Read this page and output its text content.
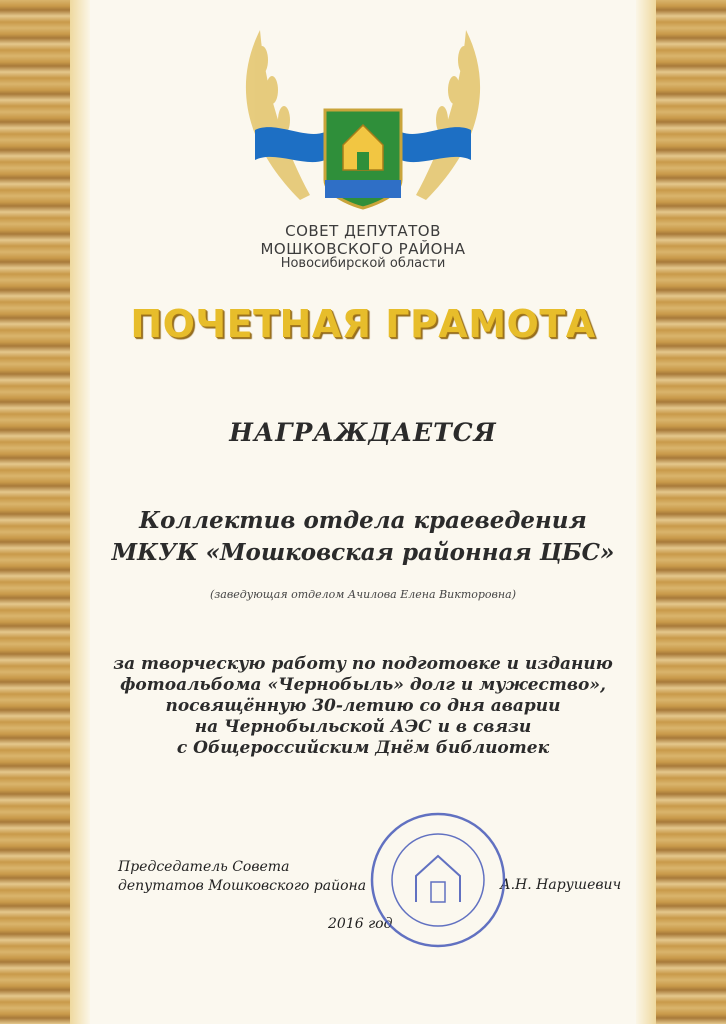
СОВЕТ ДЕПУТАТОВ
МОШКОВСКОГО РАЙОНА
Новосибирской области
ПОЧЕТНАЯ ГРАМОТА
НАГРАЖДАЕТСЯ
Коллектив отдела краеведения
МКУК «Мошковская районная ЦБС»
(заведующая отделом Ачилова Елена Викторовна)
за творческую работу по подготовке и изданию
фотоальбома «Чернобыль» долг и мужество»,
посвящённую 30-летию со дня аварии
на Чернобыльской АЭС и в связи
с Общероссийским Днём библиотек
Председатель Совета
депутатов Мошковского района	А.Н. Нарушевич
2016 год
